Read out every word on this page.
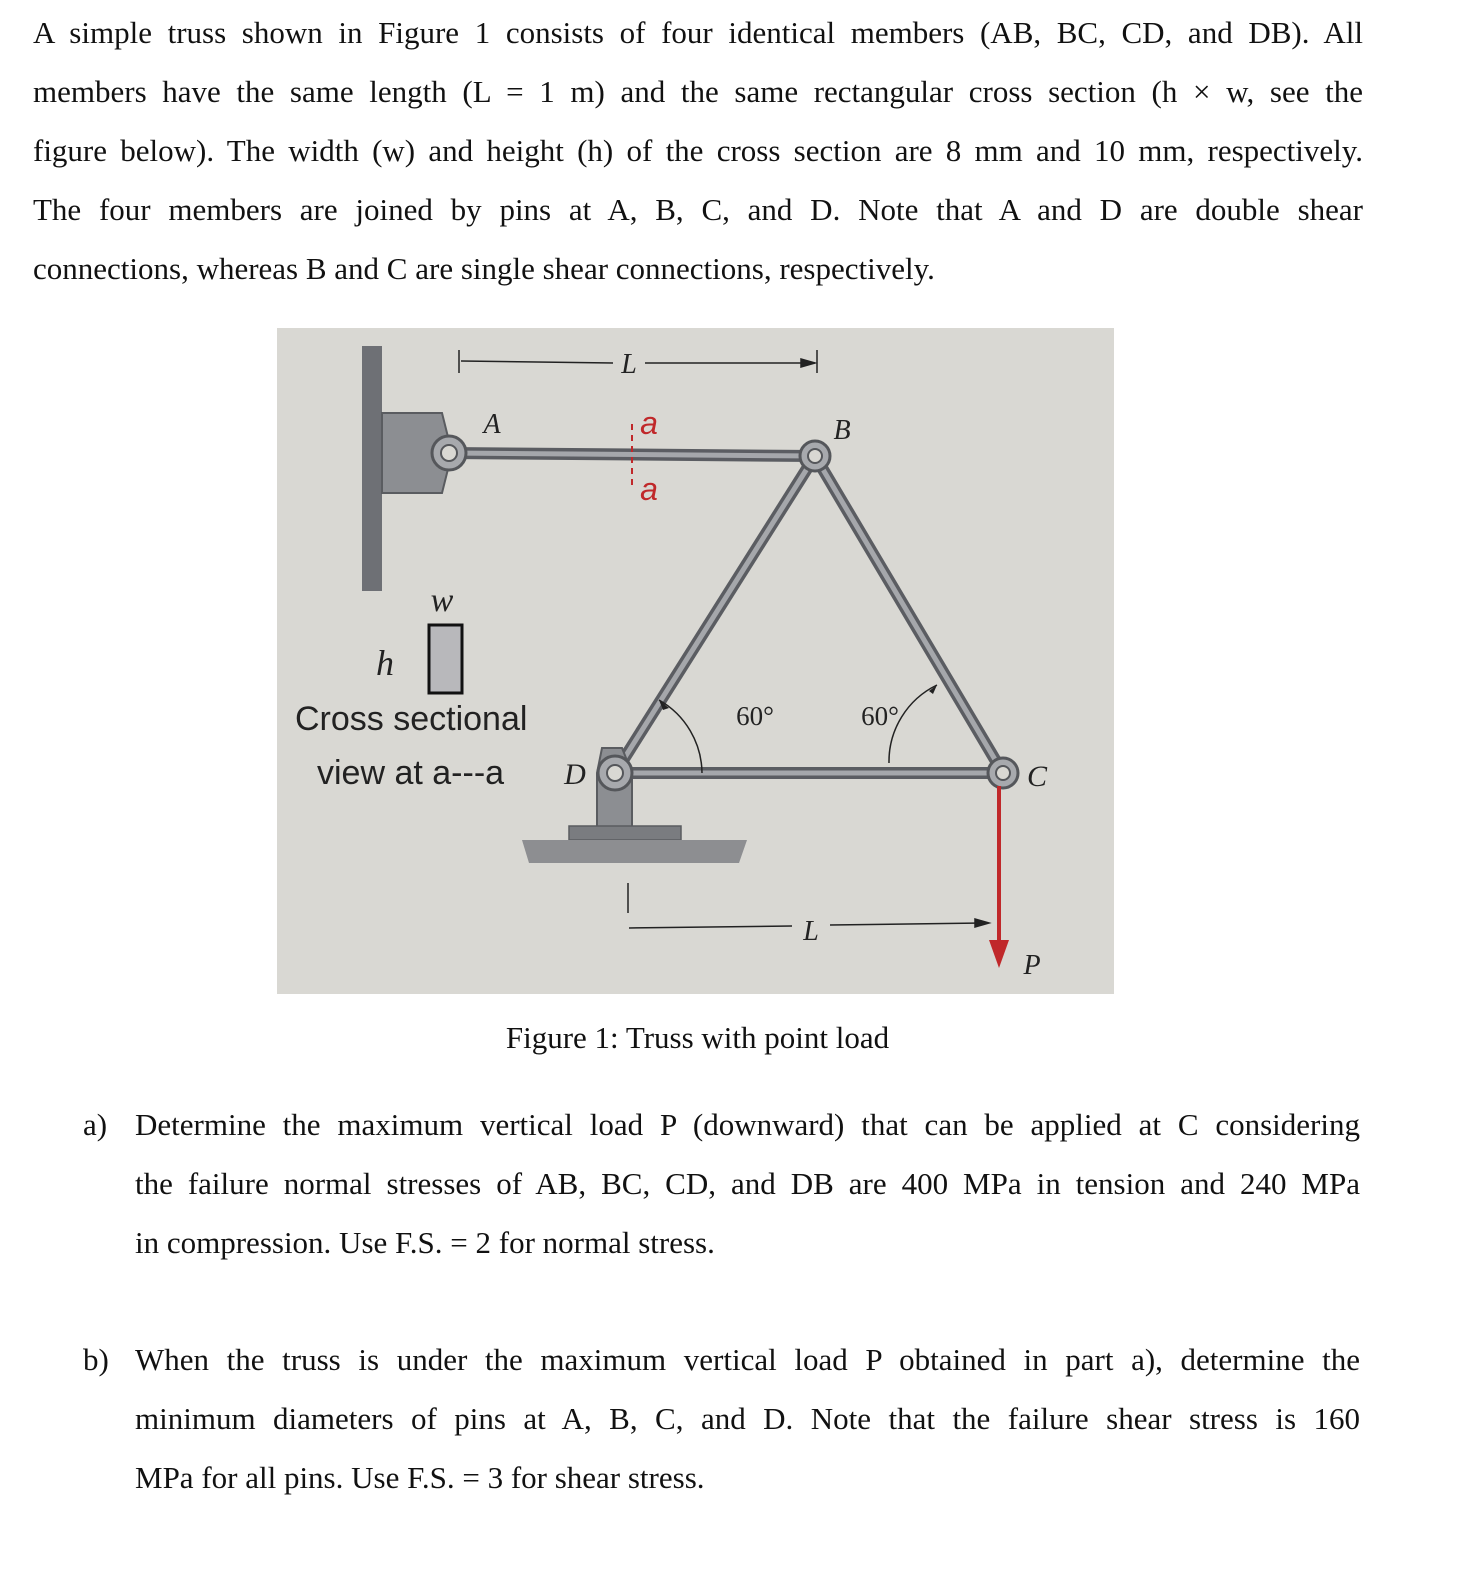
A simple truss shown in Figure 1 consists of four identical members (AB, BC, CD, and DB). All
members have the same length (L = 1 m) and the same rectangular cross section (h × w, see the
figure below). The width (w) and height (h) of the cross section are 8 mm and 10 mm, respectively.
The four members are joined by pins at A, B, C, and D. Note that A and D are double shear
connections, whereas B and C are single shear connections, respectively.
L
L
a
a
A	B
C
D
60°	60°
P
w
h
Cross sectional
view at a---a
Figure 1: Truss with point load
a) Determine the maximum vertical load P (downward) that can be applied at C considering
the failure normal stresses of AB, BC, CD, and DB are 400 MPa in tension and 240 MPa
in compression. Use F.S. = 2 for normal stress.
b) When the truss is under the maximum vertical load P obtained in part a), determine the
minimum diameters of pins at A, B, C, and D. Note that the failure shear stress is 160
MPa for all pins. Use F.S. = 3 for shear stress.
